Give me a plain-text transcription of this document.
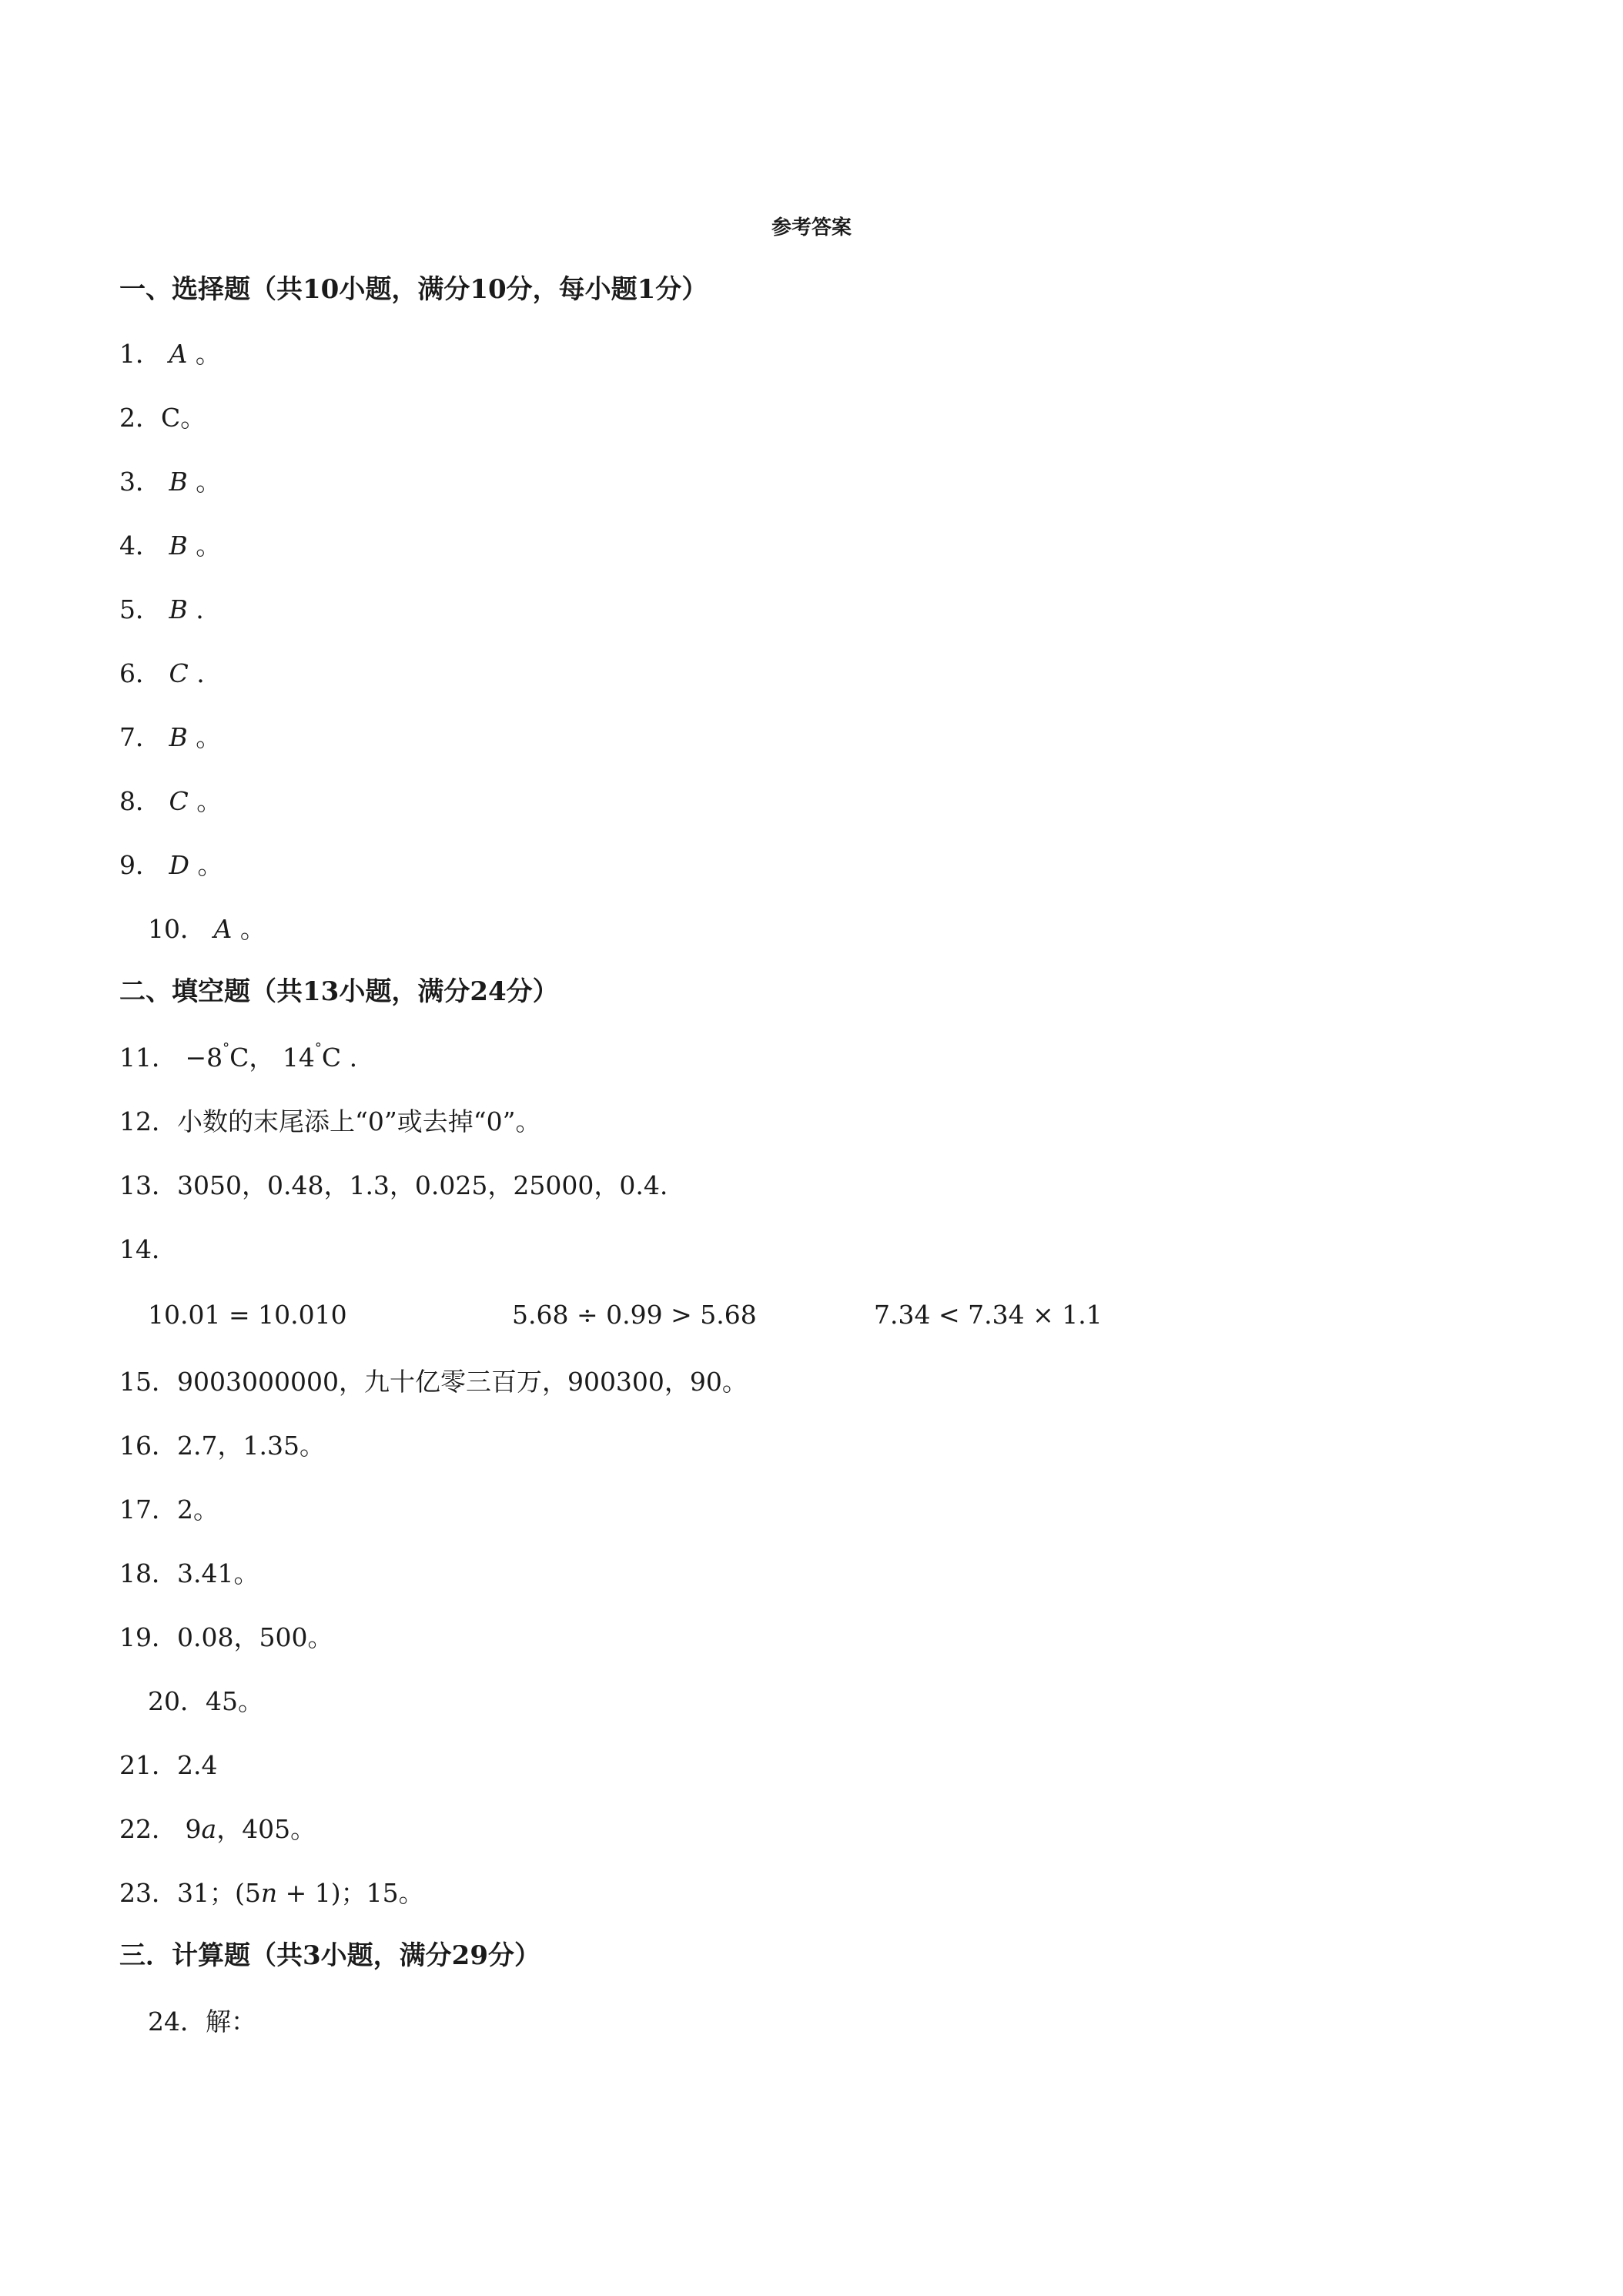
参考答案
一、选择题（共10小题，满分10分，每小题1分）
1． A 。
2．C。
3． B 。
4． B 。
5． B .
6． C .
7． B 。
8． C 。
9． D 。
10． A 。
二、填空题（共13小题，满分24分）
11． −8°C， 14°C .
12．小数的末尾添上“0”或去掉“0”。
13．3050，0.48，1.3，0.025，25000，0.4.
14．
10.01 = 10.010	5.68 ÷ 0.99 > 5.68	7.34 < 7.34 × 1.1
15．9003000000，九十亿零三百万，900300，90。
16．2.7，1.35。
17．2。
18．3.41。
19．0.08，500。
20．45。
21．2.4
22． 9a，405。
23．31；(5n + 1)；15。
三．计算题（共3小题，满分29分）
24．解：
